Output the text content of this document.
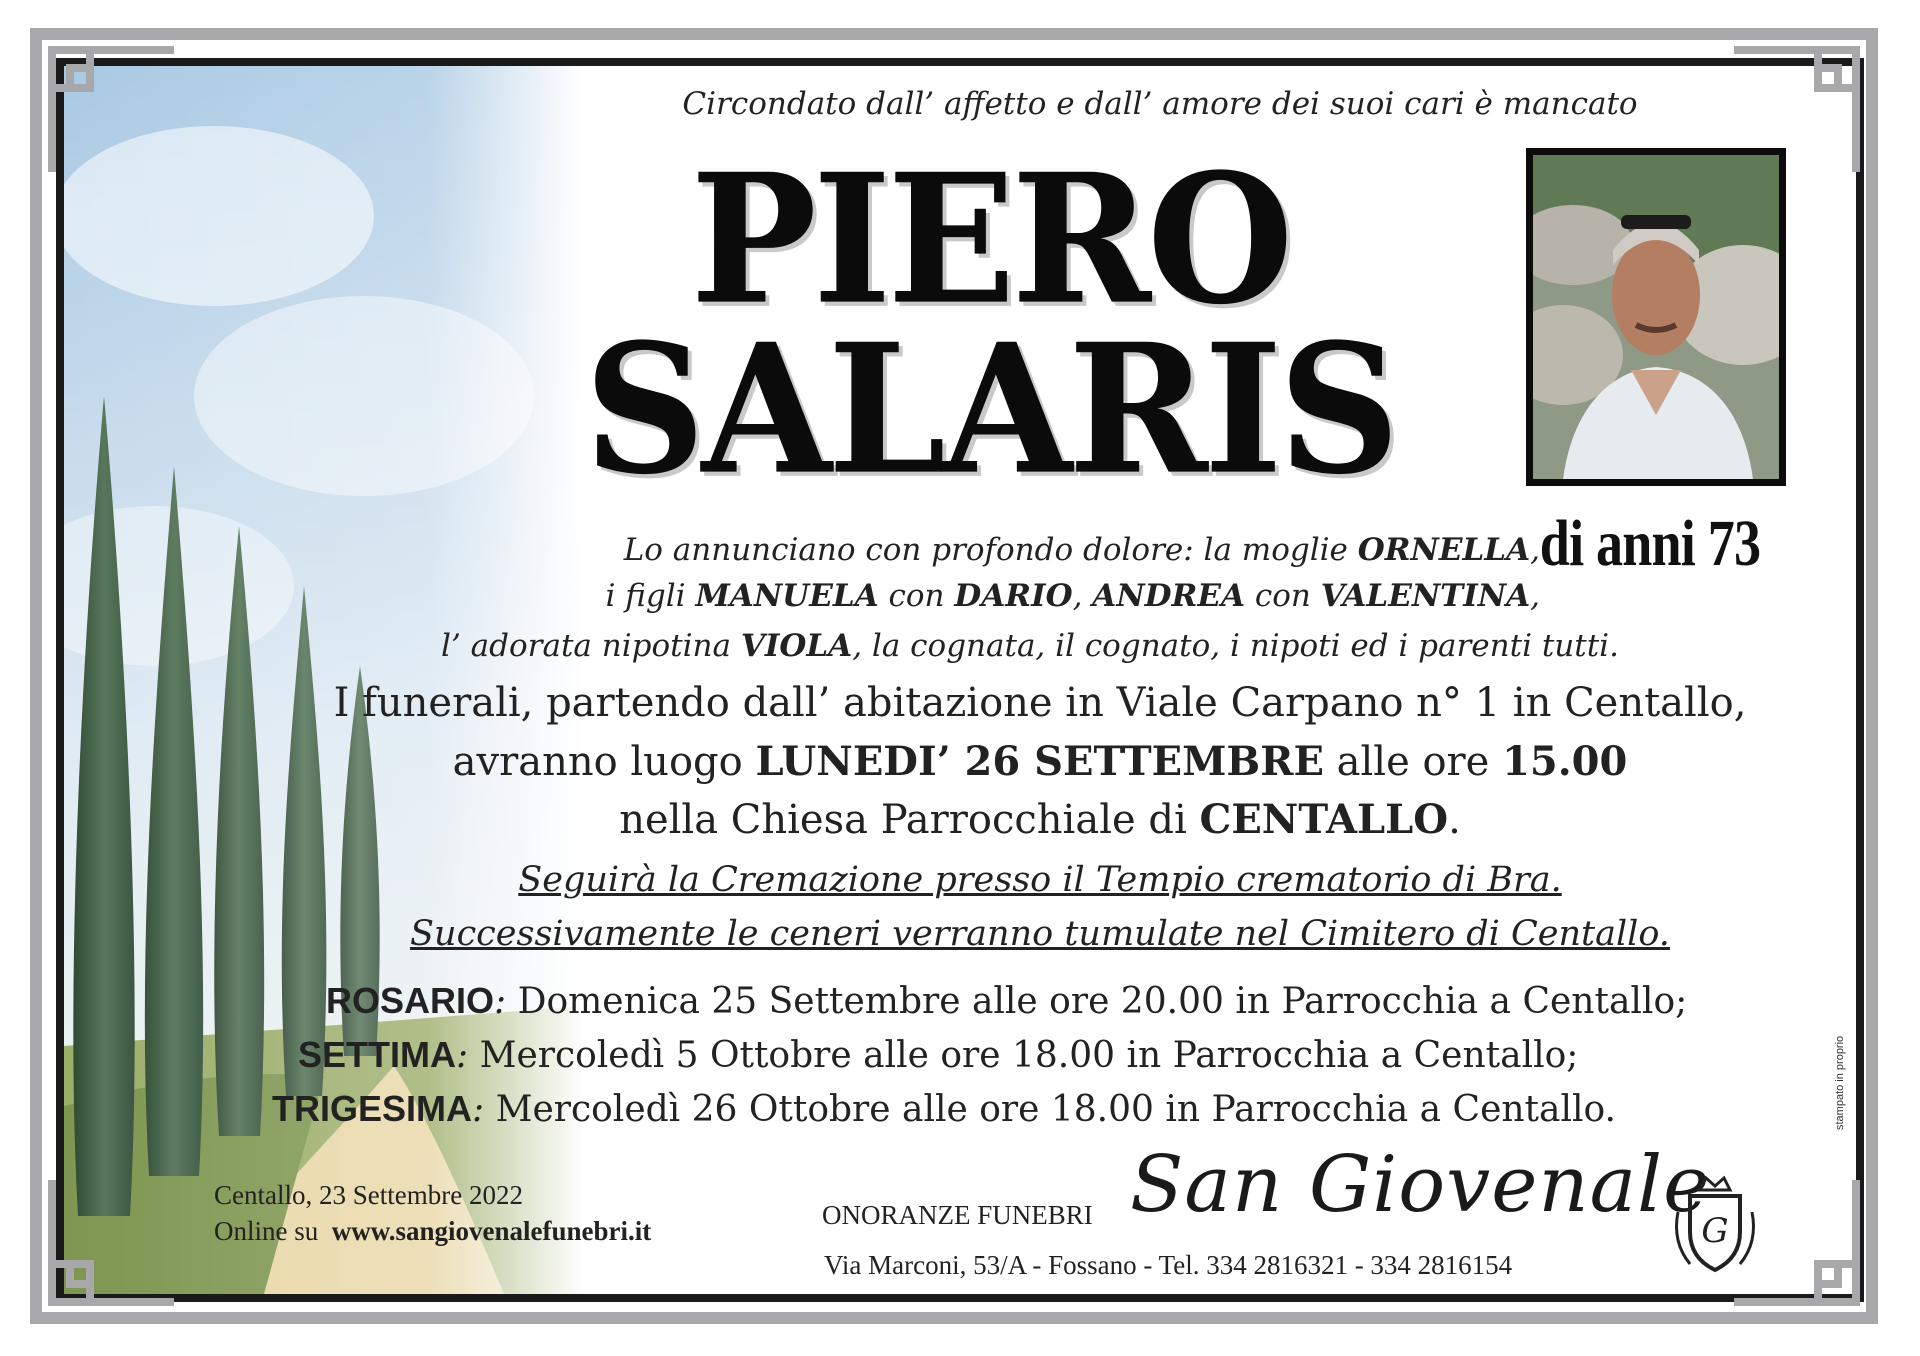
Circondato dall’ affetto e dall’ amore dei suoi cari è mancato
PIERO
SALARIS
di anni 73
Lo annunciano con profondo dolore: la moglie ORNELLA,
i figli MANUELA con DARIO, ANDREA con VALENTINA,
l’ adorata nipotina VIOLA, la cognata, il cognato, i nipoti ed i parenti tutti.
I funerali, partendo dall’ abitazione in Viale Carpano n° 1 in Centallo,
avranno luogo LUNEDI’ 26 SETTEMBRE alle ore 15.00
nella Chiesa Parrocchiale di CENTALLO.
Seguirà la Cremazione presso il Tempio crematorio di Bra.
Successivamente le ceneri verranno tumulate nel Cimitero di Centallo.
ROSARIO: Domenica 25 Settembre alle ore 20.00 in Parrocchia a Centallo;
SETTIMA: Mercoledì 5 Ottobre alle ore 18.00 in Parrocchia a Centallo;
TRIGESIMA: Mercoledì 26 Ottobre alle ore 18.00 in Parrocchia a Centallo.
Centallo, 23 Settembre 2022
Online su  www.sangiovenalefunebri.it
ONORANZE FUNEBRI San Giovenale
Via Marconi, 53/A - Fossano - Tel. 334 2816321 - 334 2816154
G
stampato in proprio
